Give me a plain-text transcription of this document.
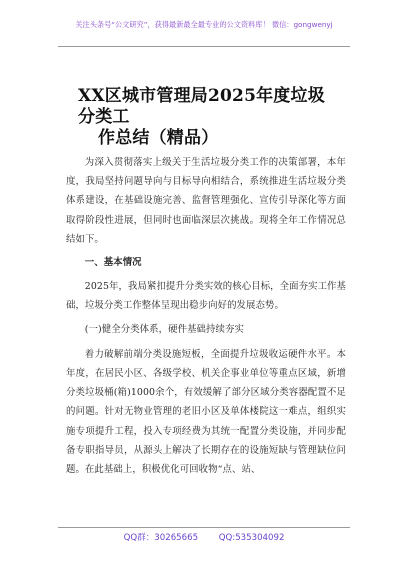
关注头条号“公文研究”，获得最新最全最专业的公文资料库！ 微信：gongwenyj
XX区城市管理局2025年度垃圾分类工
作总结（精品）

为深入贯彻落实上级关于生活垃圾分类工作的决策部署，本年度，我局坚持问题导向与目标导向相结合，系统推进生活垃圾分类体系建设，在基础设施完善、监督管理强化、宣传引导深化等方面取得阶段性进展，但同时也面临深层次挑战。现将全年工作情况总结如下。

一、基本情况

2025年，我局紧扣提升分类实效的核心目标，全面夯实工作基础，垃圾分类工作整体呈现出稳步向好的发展态势。

(一)健全分类体系，硬件基础持续夯实

着力破解前端分类设施短板，全面提升垃圾收运硬件水平。本年度，在居民小区、各级学校、机关企事业单位等重点区域，新增分类垃圾桶(箱)1000余个，有效缓解了部分区域分类容器配置不足的问题。针对无物业管理的老旧小区及单体楼院这一难点，组织实施专项提升工程，投入专项经费为其统一配置分类设施，并同步配备专职指导员，从源头上解决了长期存在的设施短缺与管理缺位问题。在此基础上，积极优化可回收物“点、站、

QQ群：30265665 QQ:535304092
